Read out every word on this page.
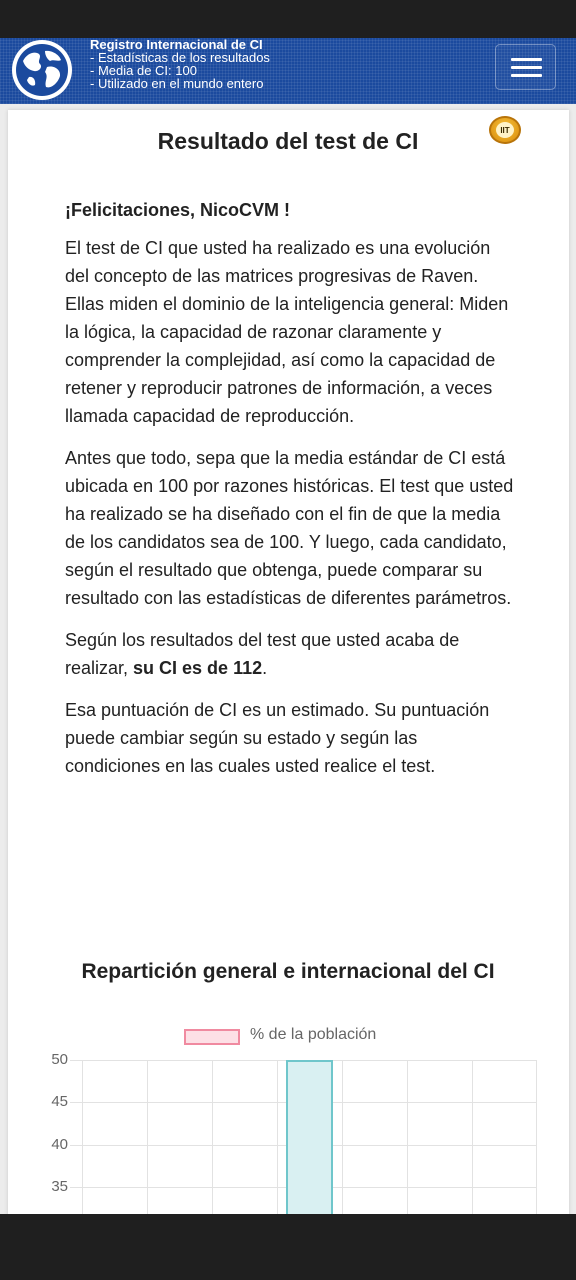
Registro Internacional de CI
- Estadísticas de los resultados
- Media de CI: 100
- Utilizado en el mundo entero
IIT
Resultado del test de CI

¡Felicitaciones, NicoCVM !

El test de CI que usted ha realizado es una evolución del concepto de las matrices progresivas de Raven. Ellas miden el dominio de la inteligencia general: Miden la lógica, la capacidad de razonar claramente y comprender la complejidad, así como la capacidad de retener y reproducir patrones de información, a veces llamada capacidad de reproducción.

Antes que todo, sepa que la media estándar de CI está ubicada en 100 por razones históricas. El test que usted ha realizado se ha diseñado con el fin de que la media de los candidatos sea de 100. Y luego, cada candidato, según el resultado que obtenga, puede comparar su resultado con las estadísticas de diferentes parámetros.

Según los resultados del test que usted acaba de realizar, su CI es de 112.

Esa puntuación de CI es un estimado. Su puntuación puede cambiar según su estado y según las condiciones en las cuales usted realice el test.

Repartición general e internacional del CI
% de la población
50
45
40
35
